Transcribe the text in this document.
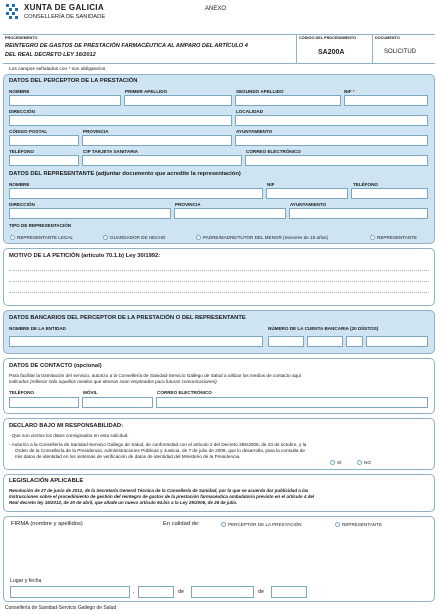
XUNTA DE GALICIA
CONSELLERÍA DE SANIDADE
ANEXO
PROCEDEMENTO
REINTEGRO DE GASTOS DE PRESTACIÓN FARMACÉUTICA AL AMPARO DEL ARTÍCULO 4
DEL REAL DECRETO LEY 16/2012
CÓDIGO DEL PROCEDIMIENTO
SA200A
DOCUMENTO
SOLICITUD
Los campos señalados con * son obligatorios
DATOS DEL PERCEPTOR DE LA PRESTACIÓN
NOMBRE	PRIMER APELLIDO	SEGUNDO APELLIDO	NIF *
DIRECCIÓN	LOCALIDAD
CÓDIGO POSTAL	PROVINCIA	AYUNTAMIENTO
TELÉFONO	CIP TARJETA SANITARIA	CORREO ELECTRÓNICO
DATOS DEL REPRESENTANTE (adjuntar documento que acredite la representación)
NOMBRE	NIF	TELÉFONO
DIRECCIÓN	PROVINCIA	AYUNTAMIENTO
TIPO DE REPRESENTACIÓN
REPRESENTANTE LEGAL	GUARDADOR DE HECHO	PADRE/MADRE/TUTOR DEL MENOR (menores de 18 años)	REPRESENTANTE
MOTIVO DE LA PETICIÓN (artículo 70.1.b) Ley 30/1992:
DATOS BANCARIOS DEL PERCEPTOR DE LA PRESTACIÓN O DEL REPRESENTANTE
NOMBRE DE LA ENTIDAD	NÚMERO DE LA CUENTA BANCARIA (20 DÍGITOS)
DATOS DE CONTACTO (opcional)
Para facilitar la tramitación del servicio, autorizo a la Consellería de Sanidad-Servicio Gallego de Salud a utilizar los medios de contacto aquí
indicados (rellenar sólo aquellos medios que desean sean empleados para futuras comunicaciones).
TELÉFONO	MÓVIL	CORREO ELECTRÓNICO
DECLARO BAJO MI RESPONSABILIDAD:
- Que son ciertos los datos consignados en esta solicitud.
- Autorizo a la Consellería de Sanidad-Servicio Gallego de Salud, de conformidad con el artículo 2 del Decreto 255/2008, de 23 de octubre, y la
Orden de la Consellería de la Presidencia, Administraciones Públicas y Justicia, de 7 de julio de 2009, que lo desarrolla, para la consulta de
mis datos de identidad en los sistemas de verificación de datos de identidad del Ministerio de la Presidencia.
SÍ	NO
LEGISLACIÓN APLICABLE
Resolución de 27 de junio de 2012, de la Secretaría General Técnica de la Consellería de Sanidad, por la que se acuerda dar publicidad a las
Instrucciones sobre el procedimiento de gestión del reintegro de gastos de la prestación farmacéutica ambulatoria previsto en el artículo 4 del
Real decreto ley 16/2012, de 20 de abril, que añade un nuevo artículo 94.bis a la Ley 29/2006, de 26 de julio.
FIRMA (nombre y apellidos)	En calidad de:	PERCEPTOR DE LA PRESTACIÓN	REPRESENTANTE
Lugar y fecha
,	de	de
Consellería de Sanidad-Servicio Gallego de Salud
